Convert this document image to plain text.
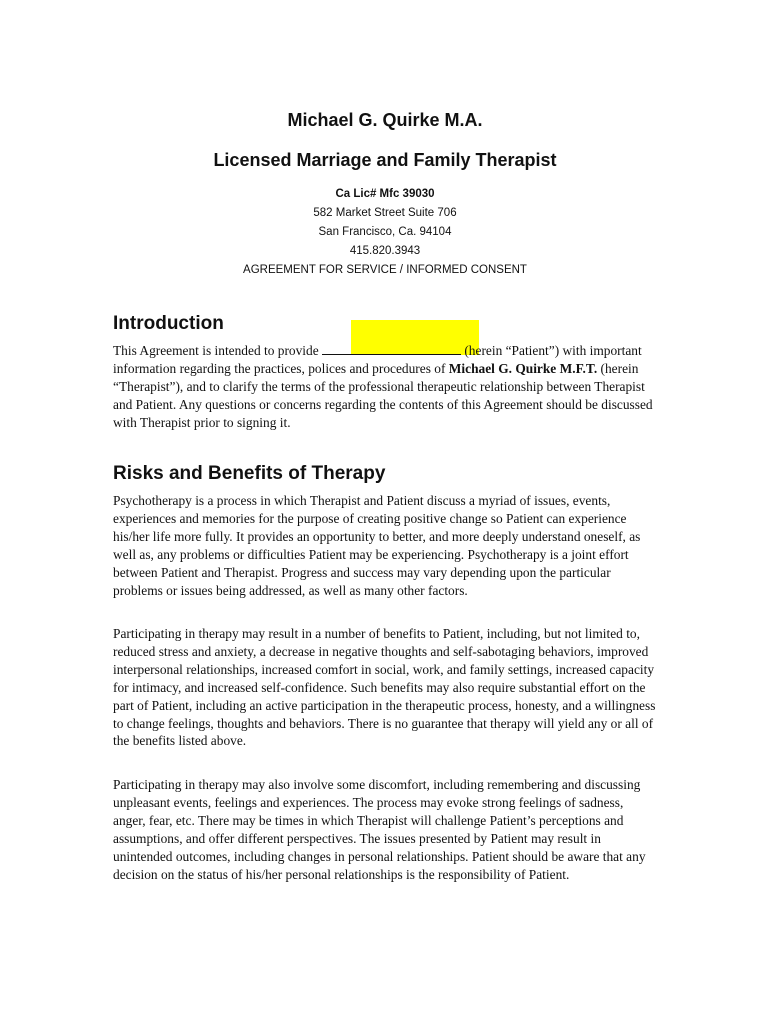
Michael G. Quirke M.A.
Licensed Marriage and Family Therapist
Ca Lic# Mfc 39030
582 Market Street Suite 706
San Francisco, Ca. 94104
415.820.3943
AGREEMENT FOR SERVICE / INFORMED CONSENT
Introduction

This Agreement is intended to provide	(herein “Patient”) with important information regarding the practices, polices and procedures of Michael G. Quirke M.F.T. (herein “Therapist”), and to clarify the terms of the professional therapeutic relationship between Therapist and Patient. Any questions or concerns regarding the contents of this Agreement should be discussed with Therapist prior to signing it.

Risks and Benefits of Therapy

Psychotherapy is a process in which Therapist and Patient discuss a myriad of issues, events, experiences and memories for the purpose of creating positive change so Patient can experience his/her life more fully. It provides an opportunity to better, and more deeply understand oneself, as well as, any problems or difficulties Patient may be experiencing. Psychotherapy is a joint effort between Patient and Therapist. Progress and success may vary depending upon the particular problems or issues being addressed, as well as many other factors.

Participating in therapy may result in a number of benefits to Patient, including, but not limited to, reduced stress and anxiety, a decrease in negative thoughts and self-sabotaging behaviors, improved interpersonal relationships, increased comfort in social, work, and family settings, increased capacity for intimacy, and increased self-confidence. Such benefits may also require substantial effort on the part of Patient, including an active participation in the therapeutic process, honesty, and a willingness to change feelings, thoughts and behaviors. There is no guarantee that therapy will yield any or all of the benefits listed above.

Participating in therapy may also involve some discomfort, including remembering and discussing unpleasant events, feelings and experiences. The process may evoke strong feelings of sadness, anger, fear, etc. There may be times in which Therapist will challenge Patient’s perceptions and assumptions, and offer different perspectives. The issues presented by Patient may result in unintended outcomes, including changes in personal relationships. Patient should be aware that any decision on the status of his/her personal relationships is the responsibility of Patient.
